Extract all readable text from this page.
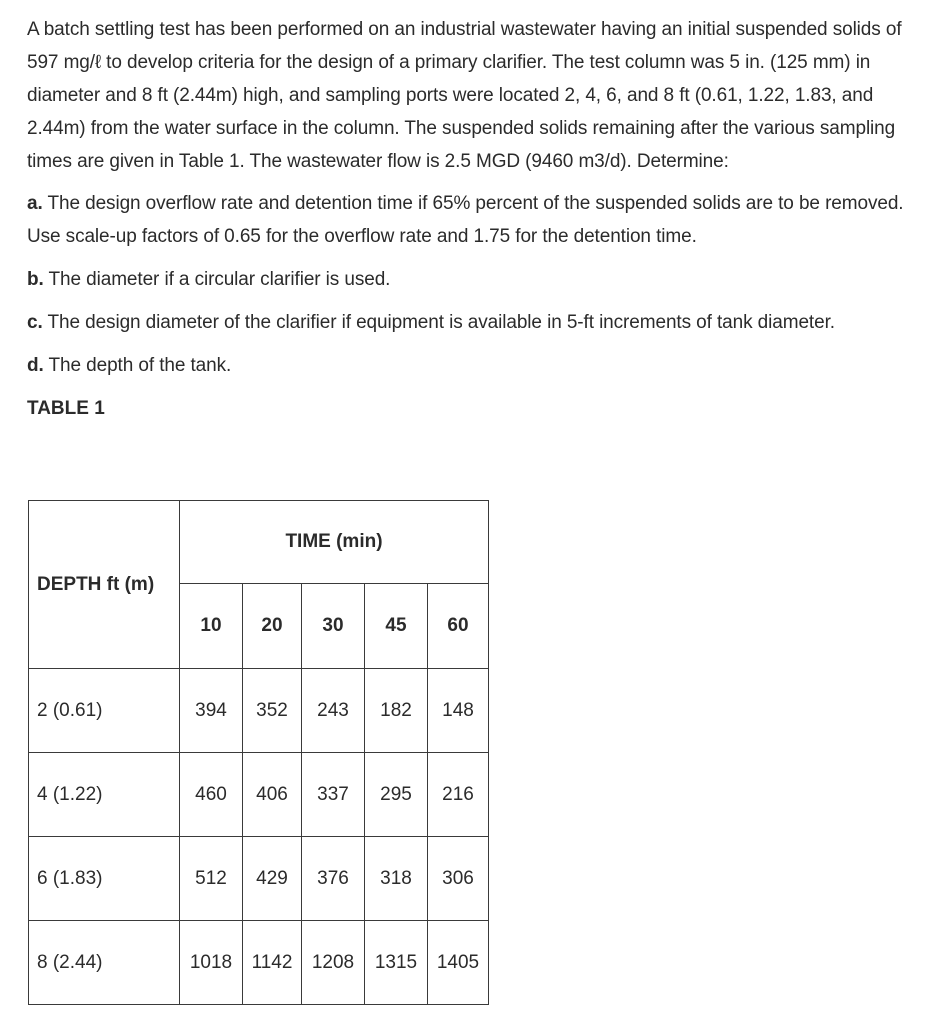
A batch settling test has been performed on an industrial wastewater having an initial suspended solids of 597 mg/ℓ to develop criteria for the design of a primary clarifier. The test column was 5 in. (125 mm) in diameter and 8 ft (2.44m) high, and sampling ports were located 2, 4, 6, and 8 ft (0.61, 1.22, 1.83, and 2.44m) from the water surface in the column. The suspended solids remaining after the various sampling times are given in Table 1. The wastewater flow is 2.5 MGD (9460 m3/d). Determine:

a. The design overflow rate and detention time if 65% percent of the suspended solids are to be removed. Use scale-up factors of 0.65 for the overflow rate and 1.75 for the detention time.

b. The diameter if a circular clarifier is used.

c. The design diameter of the clarifier if equipment is available in 5-ft increments of tank diameter.

d. The depth of the tank.

TABLE 1

DEPTH ft (m)	TIME (min)				
	10	20	30	45	60
2 (0.61)	394	352	243	182	148
4 (1.22)	460	406	337	295	216
6 (1.83)	512	429	376	318	306
8 (2.44)	1018	1142	1208	1315	1405
